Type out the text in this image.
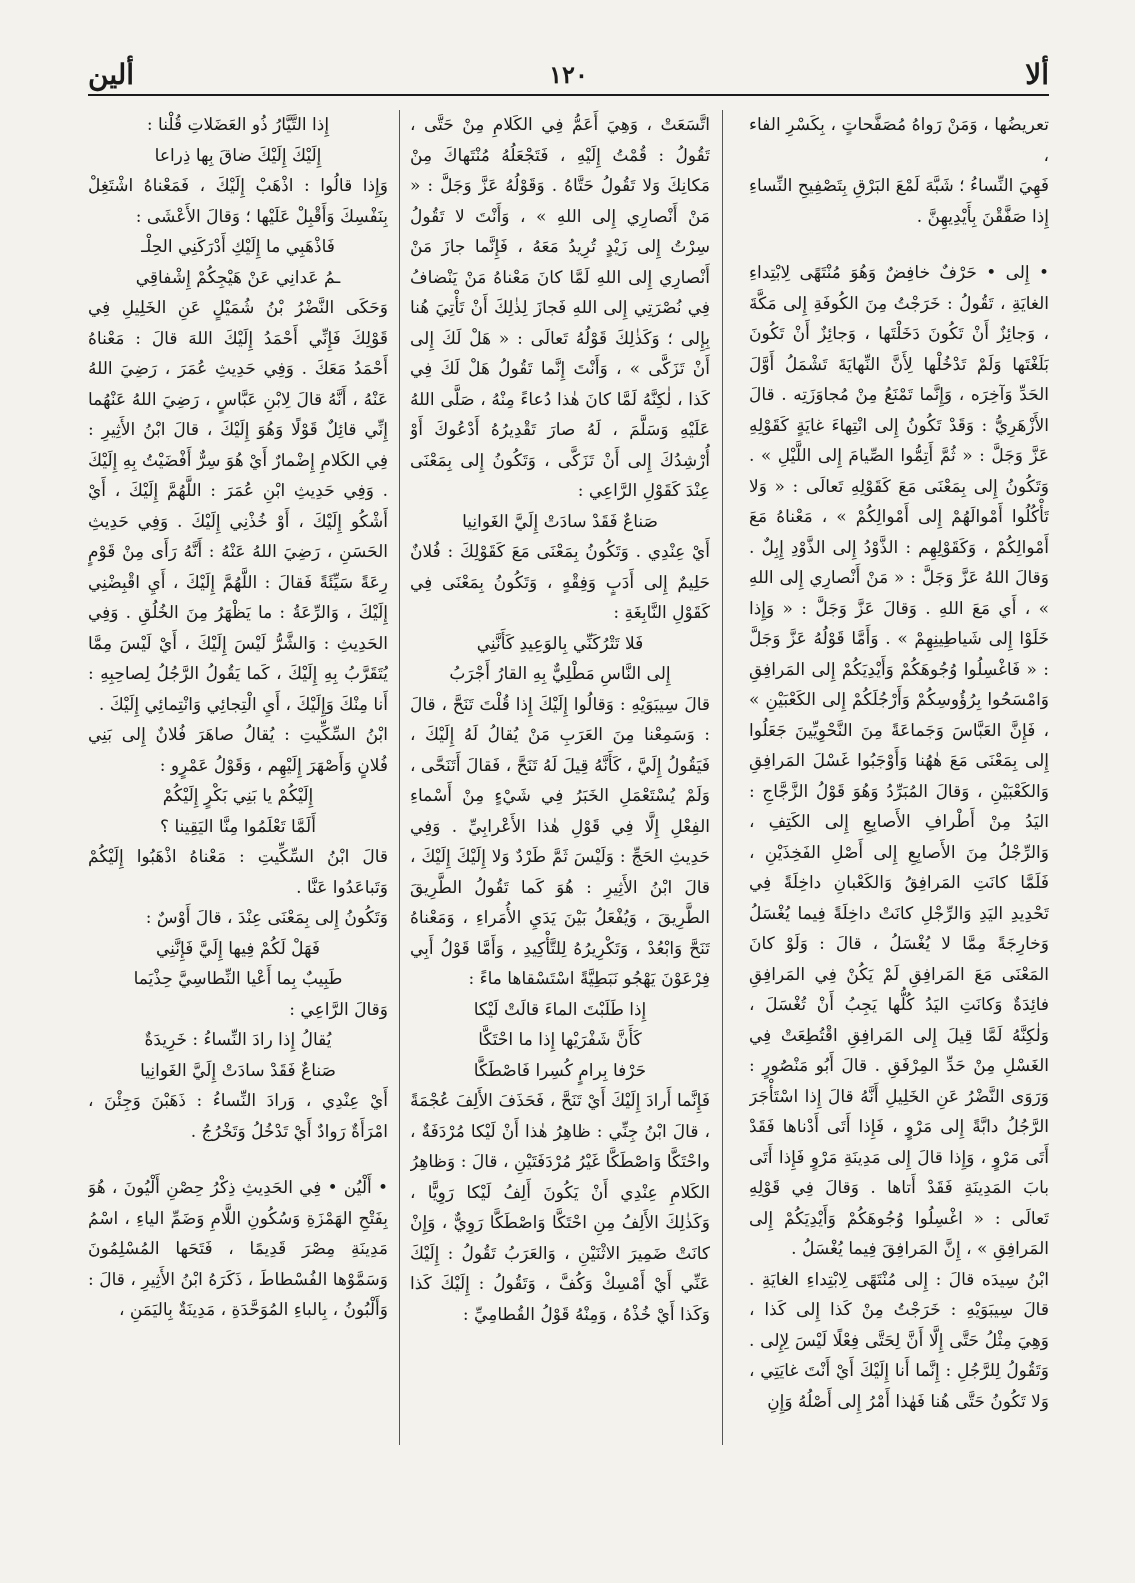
ألا
١٢٠
ألين

تعريضُها ، وَمَنْ رَواهُ مُصَفَّحاتٍ ، بِكَسْرِ الفاء ،

فَهِيَ النِّساءُ ؛ شَبَّهَ لَمْعَ البَرْقِ بِتَصْفِيحِ النِّساءِ إِذا صَفَّقْنَ بِأَيْدِيهِنَّ .

• إِلى • حَرْفٌ خافِضٌ وَهُوَ مُنْتَهًى لِابْتِداءِ الغايَةِ ، تَقُولُ : خَرَجْتُ مِنَ الكُوفَةِ إِلى مَكَّةَ ، وَجائِزٌ أَنْ تَكُونَ دَخَلْتَها ، وَجائِزٌ أَنْ تَكُونَ بَلَغْتَها وَلَمْ تَدْخُلْها لِأَنَّ النِّهايَةَ تَشْمَلُ أَوَّلَ الحَدِّ وَآخِرَه ، وَإِنَّما تَمْنَعُ مِنْ مُجاوَزَتِه . قالَ الأَزْهَرِيُّ : وَقَدْ تَكُونُ إِلى انْتِهاءَ غايَةٍ كَقَوْلِهِ عَزَّ وَجَلَّ : « ثُمَّ أَتِمُّوا الصِّيامَ إِلى اللَّيْلِ » . وَتَكُونُ إِلى بِمَعْنَى مَعَ كَقَوْلِهِ تَعالَى : « وَلا تَأْكُلُوا أَمْوالَهُمْ إِلى أَمْوالِكُمْ » ، مَعْناهُ مَعَ أَمْوالِكُمْ ، وَكَقَوْلِهِم : الذَّوْدُ إِلى الذَّوْدِ إِبِلٌ . وَقالَ اللهُ عَزَّ وَجَلَّ : « مَنْ أَنْصارِي إِلى اللهِ » ، أَي مَعَ اللهِ . وَقالَ عَزَّ وَجَلَّ : « وَإِذا خَلَوْا إِلى شَياطِينِهِمْ » . وَأَمَّا قَوْلُهُ عَزَّ وَجَلَّ : « فَاغْسِلُوا وُجُوهَكُمْ وَأَيْدِيَكُمْ إِلى المَرافِقِ وَامْسَحُوا بِرُؤُوسِكُمْ وَأَرْجُلَكُمْ إِلى الكَعْبَيْنِ » ، فَإِنَّ العَبَّاسَ وَجَماعَةً مِنَ النَّحْوِيِّينَ جَعَلُوا إِلى بِمَعْنَى مَعَ هٰهُنا وَأَوْجَبُوا غَسْلَ المَرافِقِ وَالكَعْبَيْنِ ، وَقالَ المُبَرِّدُ وَهُوَ قَوْلُ الزَّجَّاجِ : اليَدُ مِنْ أَطْرافِ الأَصابِعِ إِلى الكَتِفِ ، وَالرِّجْلُ مِنَ الأَصابِعِ إِلى أَصْلِ الفَخِذَيْنِ ، فَلَمَّا كانَتِ المَرافِقُ وَالكَعْبانِ داخِلَةً فِي تَحْدِيدِ اليَدِ وَالرِّجْلِ كانَتْ داخِلَةً فِيما يُغْسَلُ وَخارِجَةً مِمَّا لا يُغْسَلُ ، قالَ : وَلَوْ كانَ المَعْنَى مَعَ المَرافِقِ لَمْ يَكُنْ فِي المَرافِقِ فائِدَةٌ وَكانَتِ اليَدُ كُلُّها يَجِبُ أَنْ تُغْسَلَ ، وَلٰكِنَّهُ لَمَّا قِيلَ إِلى المَرافِقِ اقْتُطِعَتْ فِي الغَسْلِ مِنْ حَدِّ المِرْفَقِ . قالَ أَبُو مَنْصُورٍ : وَرَوَى النَّضْرُ عَنِ الخَلِيلِ أَنَّهُ قالَ إِذا اسْتَأْجَرَ الرَّجُلُ دابَّةً إِلى مَرْوٍ ، فَإِذا أَتَى أَدْناها فَقَدْ أَتَى مَرْوٍ ، وَإِذا قالَ إِلى مَدِينَةِ مَرْوٍ فَإِذا أَتَى بابَ المَدِينَةِ فَقَدْ أَتاها . وَقالَ فِي قَوْلِهِ تَعالَى : « اغْسِلُوا وُجُوهَكُمْ وَأَيْدِيَكُمْ إِلى المَرافِقِ » ، إِنَّ المَرافِقَ فِيما يُغْسَلُ .

ابْنُ سِيدَه قالَ : إِلى مُنْتَهًى لِابْتِداءِ الغايَةِ . قالَ سِيبَوَيْهِ : خَرَجْتُ مِنْ كَذا إِلى كَذا ، وَهِيَ مِثْلُ حَتَّى إِلَّا أَنَّ لِحَتَّى فِعْلًا لَيْسَ لِإِلى . وَتَقُولُ لِلرَّجُلِ : إِنَّما أَنا إِلَيْكَ أَيْ أَنْتَ غايَتِي ، وَلا تَكُونُ حَتَّى هُنا فَهٰذا أَمْرُ إِلى أَصْلُهُ وَإِنِ

اتَّسَعَتْ ، وَهِيَ أَعَمُّ فِي الكَلامِ مِنْ حَتَّى ، تَقُولُ : قُمْتُ إِلَيْهِ ، فَتَجْعَلُهُ مُنْتَهاكَ مِنْ مَكانِكَ وَلا تَقُولُ حَتَّاهُ . وَقَوْلُهُ عَزَّ وَجَلَّ : « مَنْ أَنْصارِي إِلى اللهِ » ، وَأَنْتَ لا تَقُولُ سِرْتُ إِلى زَيْدٍ تُرِيدُ مَعَهُ ، فَإِنَّما جازَ مَنْ أَنْصارِي إِلى اللهِ لَمَّا كانَ مَعْناهُ مَنْ يَنْضافُ فِي نُصْرَتِي إِلى اللهِ فَجازَ لِذٰلِكَ أَنْ تَأْتِيَ هُنا بِإِلى ؛ وَكَذٰلِكَ قَوْلُهُ تَعالَى : « هَلْ لَكَ إِلى أَنْ تَزَكَّى » ، وَأَنْتَ إِنَّما تَقُولُ هَلْ لَكَ فِي كَذا ، لٰكِنَّهُ لَمَّا كانَ هٰذا دُعاءً مِنْهُ ، صَلَّى اللهُ عَلَيْهِ وَسَلَّمَ ، لَهُ صارَ تَقْدِيرُهُ أَدْعُوكَ أَوْ أُرْشِدُكَ إِلى أَنْ تَزَكَّى ، وَتَكُونُ إِلى بِمَعْنَى عِنْدَ كَقَوْلِ الرَّاعِي :

صَناعٌ فَقَدْ سادَتْ إِلَيَّ الغَوانِيا

أَيْ عِنْدِي . وَتَكُونُ بِمَعْنَى مَعَ كَقَوْلِكَ : فُلانٌ حَلِيمٌ إِلى أَدَبٍ وَفِقْهٍ ، وَتَكُونُ بِمَعْنَى فِي كَقَوْلِ النَّابِغَةِ :

فَلا تَتْرُكَنِّي بِالوَعِيدِ كَأَنَّنِي

إِلى النَّاسِ مَطْلِيٌّ بِهِ القارُ أَجْرَبُ

قالَ سِيبَوَيْهِ : وَقالُوا إِلَيْكَ إِذا قُلْتَ تَنَحَّ ، قالَ : وَسَمِعْنا مِنَ العَرَبِ مَنْ يُقالُ لَهُ إِلَيْكَ ، فَيَقُولُ إِلَيَّ ، كَأَنَّهُ قِيلَ لَهُ تَنَحَّ ، فَقالَ أَتَنَحَّى ، وَلَمْ يُسْتَعْمَلِ الخَبَرُ فِي شَيْءٍ مِنْ أَسْماءِ الفِعْلِ إِلَّا فِي قَوْلِ هٰذا الأَعْرابِيِّ . وَفِي حَدِيثِ الحَجِّ : وَلَيْسَ ثَمَّ طَرْدٌ وَلا إِلَيْكَ إِلَيْكَ ، قالَ ابْنُ الأَثِيرِ : هُوَ كَما تَقُولُ الطَّرِيقَ الطَّرِيقَ ، وَيُفْعَلُ بَيْنَ يَدَيِ الأُمَراءِ ، وَمَعْناهُ تَنَحَّ وَابْعُدْ ، وَتَكْرِيرُهُ لِلتَّأْكِيدِ ، وَأَمَّا قَوْلُ أَبِي فِرْعَوْنَ يَهْجُو نَبَطِيَّةً اسْتَسْقاها ماءً :

إِذا طَلَبْتَ الماءَ قالَتْ لَيْكا

كَأَنَّ شَفْرَيْها إِذا ما احْتَكَّا

حَرْفا بِرامٍ كُسِرا فَاصْطَكَّا

فَإِنَّما أَرادَ إِلَيْكَ أَيْ تَنَحَّ ، فَحَذَفَ الأَلِفَ عُجْمَةً ، قالَ ابْنُ جِنِّي : ظاهِرُ هٰذا أَنْ لَيْكا مُرْدَفَةٌ ، واحْتَكَّا وَاصْطَكَّا غَيْرُ مُرْدَفَتَيْنِ ، قالَ : وَظاهِرُ الكَلامِ عِنْدِي أَنْ يَكُونَ أَلِفُ لَيْكا رَوِيًّا ، وَكَذٰلِكَ الأَلِفُ مِنِ احْتَكَّا وَاصْطَكَّا رَوِيٌّ ، وَإِنْ كانَتْ ضَمِيرَ الاثْنَيْنِ ، وَالعَرَبُ تَقُولُ : إِلَيْكَ عَنِّي أَيْ أَمْسِكْ وَكُفَّ ، وَتَقُولُ : إِلَيْكَ كَذا وَكَذا أَيْ خُذْهُ ، وَمِنْهُ قَوْلُ القُطامِيِّ :

إِذا التَّيَّارُ ذُو العَضَلاتِ قُلْنا :

إِلَيْكَ إِلَيْكَ ضاقَ بِها ذِراعا

وَإِذا قالُوا : اذْهَبْ إِلَيْكَ ، فَمَعْناهُ اشْتَغِلْ بِنَفْسِكَ وَأَقْبِلْ عَلَيْها ؛ وَقالَ الأَعْشَى :

فَاذْهَبِي ما إِلَيْكِ أَدْرَكَنِي الحِلْـ

ـمُ عَدانِي عَنْ هَيْجِكُمْ إِشْفاقِي

وَحَكَى النَّضْرُ بْنُ شُمَيْلٍ عَنِ الخَلِيلِ فِي قَوْلِكَ فَإِنِّي أَحْمَدُ إِلَيْكَ اللهَ قالَ : مَعْناهُ أَحْمَدُ مَعَكَ . وَفِي حَدِيثِ عُمَرَ ، رَضِيَ اللهُ عَنْهُ ، أَنَّهُ قالَ لِابْنِ عَبَّاسٍ ، رَضِيَ اللهُ عَنْهُما إِنِّي قائِلٌ قَوْلًا وَهُوَ إِلَيْكَ ، قالَ ابْنُ الأَثِيرِ : فِي الكَلامِ إِضْمارٌ أَيْ هُوَ سِرٌّ أَفْضَيْتُ بِهِ إِلَيْكَ . وَفِي حَدِيثِ ابْنِ عُمَرَ : اللَّهُمَّ إِلَيْكَ ، أَيْ أَشْكُو إِلَيْكَ ، أَوْ خُذْنِي إِلَيْكَ . وَفِي حَدِيثِ الحَسَنِ ، رَضِيَ اللهُ عَنْهُ : أَنَّهُ رَأَى مِنْ قَوْمٍ رِعَةً سَيِّئَةً فَقالَ : اللَّهُمَّ إِلَيْكَ ، أَيِ اقْبِضْنِي إِلَيْكَ ، وَالرِّعَةُ : ما يَظْهَرُ مِنَ الخُلُقِ . وَفِي الحَدِيثِ : وَالشَّرُّ لَيْسَ إِلَيْكَ ، أَيْ لَيْسَ مِمَّا يُتَقَرَّبُ بِهِ إِلَيْكَ ، كَما يَقُولُ الرَّجُلُ لِصاحِبِهِ : أَنا مِنْكَ وَإِلَيْكَ ، أَيِ الْتِجائِي وَانْتِمائِي إِلَيْكَ .

ابْنُ السِّكِّيتِ : يُقالُ صاهَرَ فُلانٌ إِلى بَنِي فُلانٍ وَأَصْهَرَ إِلَيْهِم ، وَقَوْلُ عَمْرٍو :

إِلَيْكُمْ يا بَنِي بَكْرٍ إِلَيْكُمْ

أَلَمَّا تَعْلَمُوا مِنَّا اليَقِينا ؟

قالَ ابْنُ السِّكِّيتِ : مَعْناهُ اذْهَبُوا إِلَيْكُمْ وَتَباعَدُوا عَنَّا .

وَتَكُونُ إِلى بِمَعْنَى عِنْدَ ، قالَ أَوْسٌ :

فَهَلْ لَكُمْ فِيها إِلَيَّ فَإِنَّنِي

طَبِيبٌ بِما أَعْيا النِّطاسِيَّ حِذْيَما

وَقالَ الرَّاعِي :

يُقالُ إِذا رادَ النِّساءُ : خَرِيدَةٌ

صَناعٌ فَقَدْ سادَتْ إِلَيَّ الغَوانِيا

أَيْ عِنْدِي ، وَرادَ النِّساءُ : ذَهَبْنَ وَجِئْنَ ، امْرَأَةٌ رَوادٌ أَيْ تَدْخُلُ وَتَخْرُجُ .

• أَلْيُن • فِي الحَدِيثِ ذِكْرُ حِصْنِ أَلْيُونَ ، هُوَ بِفَتْحِ الهَمْزَةِ وَسُكُونِ اللَّامِ وَضَمِّ الياءِ ، اسْمُ مَدِينَةِ مِصْرَ قَدِيمًا ، فَتَحَها المُسْلِمُونَ وَسَمَّوْها الفُسْطاطَ ، ذَكَرَهُ ابْنُ الأَثِيرِ ، قالَ : وَأَلْبُونُ ، بِالباءِ المُوَحَّدَةِ ، مَدِينَةٌ بِاليَمَنِ ،
